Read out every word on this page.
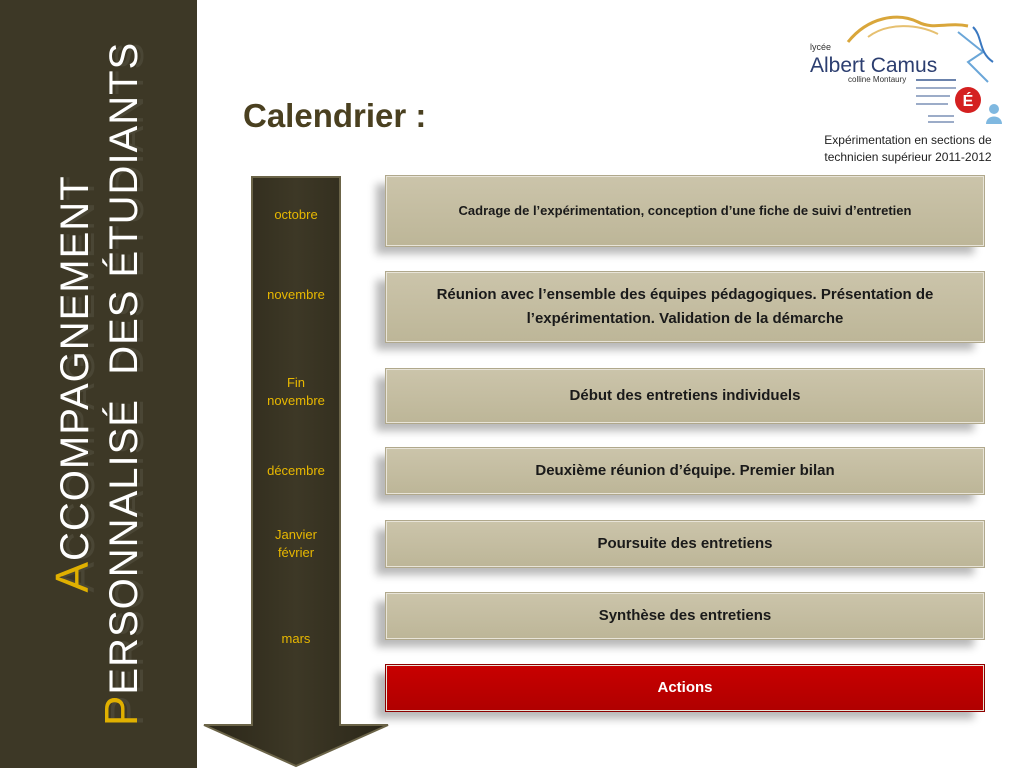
ACCOMPAGNEMENT
PERSONNALISÉ  DES ÉTUDIANTS	Calendrier :
lycée
Albert Camus
colline Montaury
É
Expérimentation en sections de
technicien supérieur 2011-2012
octobre
novembre
Fin
novembre
décembre
Janvier
février
mars
Cadrage de l’expérimentation, conception d’une fiche de suivi d’entretien
Réunion avec l’ensemble des équipes pédagogiques. Présentation de l’expérimentation. Validation de la démarche
Début des entretiens individuels
Deuxième réunion d’équipe. Premier bilan
Poursuite des entretiens
Synthèse des entretiens
Actions
